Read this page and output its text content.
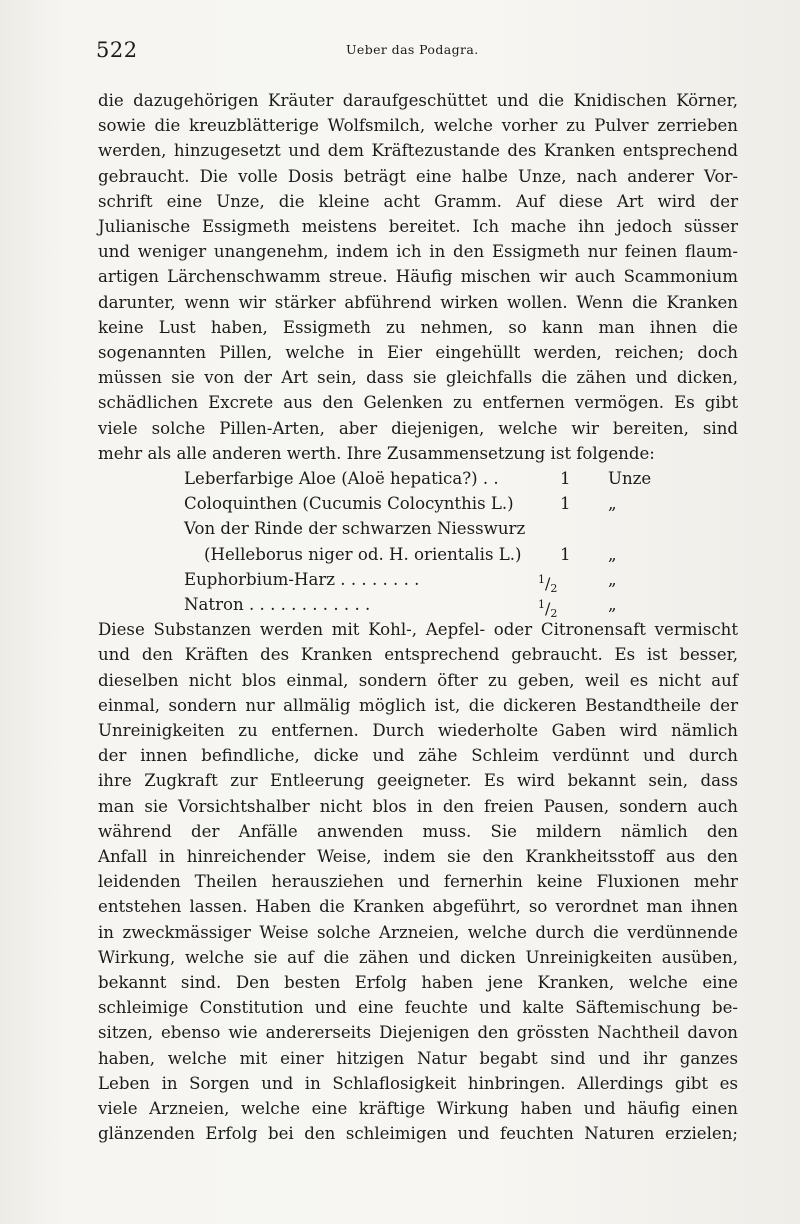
522	Ueber das Podagra.
die dazugehörigen Kräuter daraufgeschüttet und die Knidischen Körner,
sowie die kreuzblätterige Wolfsmilch, welche vorher zu Pulver zerrieben
werden, hinzugesetzt und dem Kräftezustande des Kranken entsprechend
gebraucht. Die volle Dosis beträgt eine halbe Unze, nach anderer Vor-
schrift eine Unze, die kleine acht Gramm. Auf diese Art wird der
Julianische Essigmeth meistens bereitet. Ich mache ihn jedoch süsser
und weniger unangenehm, indem ich in den Essigmeth nur feinen flaum-
artigen Lärchenschwamm streue. Häufig mischen wir auch Scammonium
darunter, wenn wir stärker abführend wirken wollen. Wenn die Kranken
keine Lust haben, Essigmeth zu nehmen, so kann man ihnen die
sogenannten Pillen, welche in Eier eingehüllt werden, reichen; doch
müssen sie von der Art sein, dass sie gleichfalls die zähen und dicken,
schädlichen Excrete aus den Gelenken zu entfernen vermögen. Es gibt
viele solche Pillen-Arten, aber diejenigen, welche wir bereiten, sind
mehr als alle anderen werth. Ihre Zusammensetzung ist folgende:
Leberfarbige Aloe (Aloë hepatica?) . .	1 Unze
Coloquinthen (Cucumis Colocynthis L.)	1 „
Von der Rinde der schwarzen Niesswurz
(Helleborus niger od. H. orientalis L.) 1 „
Euphorbium-Harz . . . . . . . .	$^1/_2$	„
Natron . . . . . . . . . . . .	$^1/_2$	„
Diese Substanzen werden mit Kohl-, Aepfel- oder Citronensaft vermischt
und den Kräften des Kranken entsprechend gebraucht. Es ist besser,
dieselben nicht blos einmal, sondern öfter zu geben, weil es nicht auf
einmal, sondern nur allmälig möglich ist, die dickeren Bestandtheile der
Unreinigkeiten zu entfernen. Durch wiederholte Gaben wird nämlich
der innen befindliche, dicke und zähe Schleim verdünnt und durch
ihre Zugkraft zur Entleerung geeigneter. Es wird bekannt sein, dass
man sie Vorsichtshalber nicht blos in den freien Pausen, sondern auch
während der Anfälle anwenden muss. Sie mildern nämlich den
Anfall in hinreichender Weise, indem sie den Krankheitsstoff aus den
leidenden Theilen herausziehen und fernerhin keine Fluxionen mehr
entstehen lassen. Haben die Kranken abgeführt, so verordnet man ihnen
in zweckmässiger Weise solche Arzneien, welche durch die verdünnende
Wirkung, welche sie auf die zähen und dicken Unreinigkeiten ausüben,
bekannt sind. Den besten Erfolg haben jene Kranken, welche eine
schleimige Constitution und eine feuchte und kalte Säftemischung be-
sitzen, ebenso wie andererseits Diejenigen den grössten Nachtheil davon
haben, welche mit einer hitzigen Natur begabt sind und ihr ganzes
Leben in Sorgen und in Schlaflosigkeit hinbringen. Allerdings gibt es
viele Arzneien, welche eine kräftige Wirkung haben und häufig einen
glänzenden Erfolg bei den schleimigen und feuchten Naturen erzielen;
